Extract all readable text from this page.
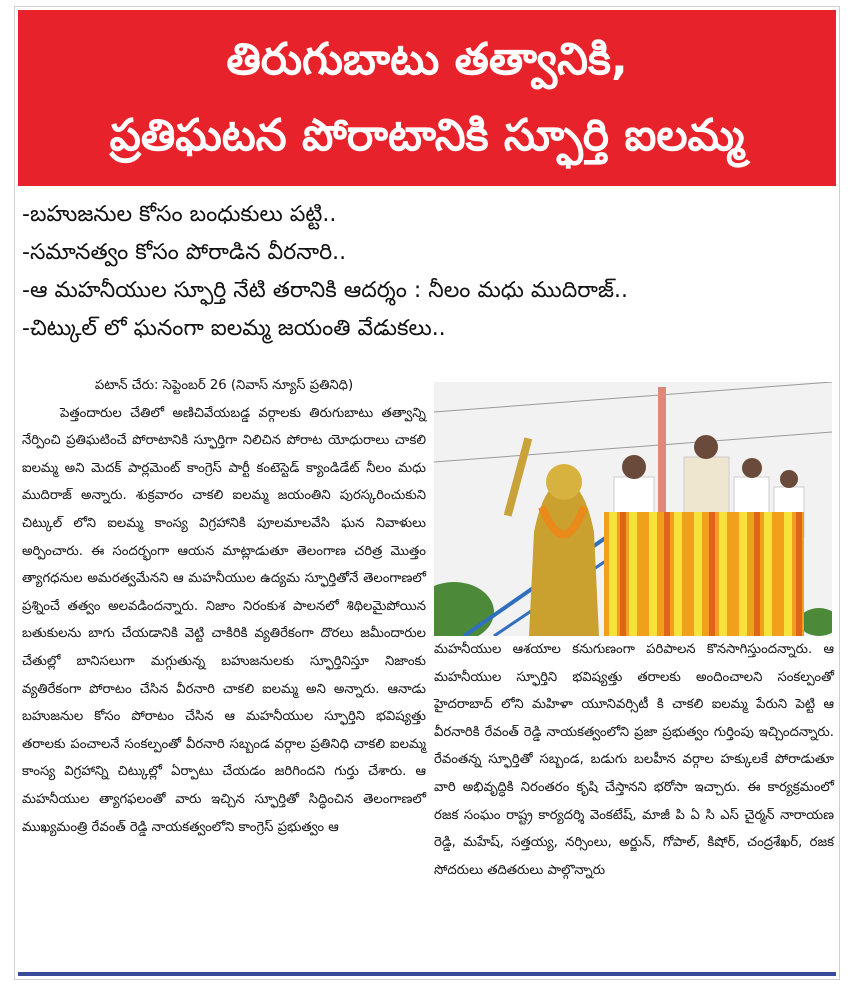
తిరుగుబాటు తత్వానికి,
ప్రతిఘటన పోరాటానికి స్ఫూర్తి ఐలమ్మ
-బహుజనుల కోసం బంధుకులు పట్టి..
-సమానత్వం కోసం పోరాడిన వీరనారి..
-ఆ మహనీయుల స్ఫూర్తి నేటి తరానికి ఆదర్శం : నీలం మధు ముదిరాజ్..
-చిట్కుల్ లో ఘనంగా ఐలమ్మ జయంతి వేడుకలు..
పటాన్ చేరు: సెప్టెంబర్ 26 (నివాస్ న్యూస్ ప్రతినిధి)

పెత్తందారుల చేతిలో అణిచివేయబడ్డ వర్గాలకు తిరుగుబాటు తత్వాన్ని నేర్పించి ప్రతిఘటించే పోరాటానికి స్ఫూర్తిగా నిలిచిన పోరాట యోధురాలు చాకలి ఐలమ్మ అని మెదక్ పార్లమెంట్ కాంగ్రెస్ పార్టీ కంటెస్టెడ్ క్యాండిడేట్ నీలం మధు ముదిరాజ్ అన్నారు. శుక్రవారం చాకలి ఐలమ్మ జయంతిని పురస్కరించుకుని చిట్కుల్ లోని ఐలమ్మ కాంస్య విగ్రహానికి పూలమాలవేసి ఘన నివాళులు అర్పించారు. ఈ సందర్భంగా ఆయన మాట్లాడుతూ తెలంగాణ చరిత్ర మొత్తం త్యాగధనుల అమరత్వమేనని ఆ మహనీయుల ఉద్యమ స్ఫూర్తితోనే తెలంగాణలో ప్రశ్నించే తత్వం అలవడిందన్నారు. నిజాం నిరంకుశ పాలనలో శిథిలమైపోయిన బతుకులను బాగు చేయడానికి వెట్టి చాకిరికి వ్యతిరేకంగా దొరలు జమీందారుల చేతుల్లో బానిసలుగా మగ్గుతున్న బహుజనులకు స్ఫూర్తినిస్తూ నిజాంకు వ్యతిరేకంగా పోరాటం చేసిన వీరనారి చాకలి ఐలమ్మ అని అన్నారు. ఆనాడు బహుజనుల కోసం పోరాటం చేసిన ఆ మహనీయుల స్ఫూర్తిని భవిష్యత్తు తరాలకు పంచాలనే సంకల్పంతో వీరనారి సబ్బండ వర్గాల ప్రతినిధి చాకలి ఐలమ్మ కాంస్య విగ్రహాన్ని చిట్కుల్లో ఏర్పాటు చేయడం జరిగిందని గుర్తు చేశారు. ఆ మహనీయుల త్యాగఫలంతో వారు ఇచ్చిన స్ఫూర్తితో సిద్ధించిన తెలంగాణలో ముఖ్యమంత్రి రేవంత్ రెడ్డి నాయకత్వంలోని కాంగ్రెస్ ప్రభుత్వం ఆ

మహనీయుల ఆశయాల కనుగుణంగా పరిపాలన కొనసాగిస్తుందన్నారు. ఆ మహనీయుల స్ఫూర్తిని భవిష్యత్తు తరాలకు అందించాలని సంకల్పంతో హైదరాబాద్ లోని మహిళా యూనివర్సిటీ కి చాకలి ఐలమ్మ పేరుని పెట్టి ఆ వీరనారికి రేవంత్ రెడ్డి నాయకత్వంలోని ప్రజా ప్రభుత్వం గుర్తింపు ఇచ్చిందన్నారు. రేవంతన్న స్ఫూర్తితో సబ్బండ, బడుగు బలహీన వర్గాల హక్కులకే పోరాడుతూ వారి అభివృద్ధికి నిరంతరం కృషి చేస్తానని భరోసా ఇచ్చారు. ఈ కార్యక్రమంలో రజక సంఘం రాష్ట్ర కార్యదర్శి వెంకటేష్, మాజీ పి ఏ సి ఎస్ చైర్మన్ నారాయణ రెడ్డి, మహేష్, సత్తయ్య, నర్సింలు, అర్జున్, గోపాల్, కిషోర్, చంద్రశేఖర్, రజక సోదరులు తదితరులు పాల్గొన్నారు
